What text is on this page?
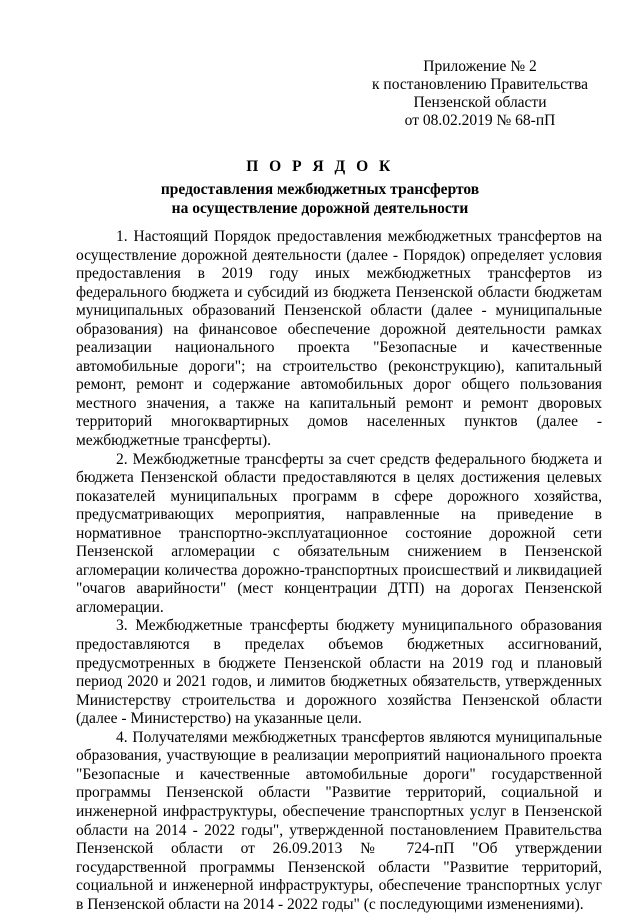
Приложение № 2
к постановлению Правительства
Пензенской области
от 08.02.2019 № 68-пП
П О Р Я Д О К
предоставления межбюджетных трансфертов
на осуществление дорожной деятельности

1. Настоящий Порядок предоставления межбюджетных трансфертов на осуществление дорожной деятельности (далее - Порядок) определяет условия предоставления в 2019 году иных межбюджетных трансфертов из федерального бюджета и субсидий из бюджета Пензенской области бюджетам муниципальных образований Пензенской области (далее - муниципальные образования) на финансовое обеспечение дорожной деятельности рамках реализации национального проекта "Безопасные и качественные автомобильные дороги"; на строительство (реконструкцию), капитальный ремонт, ремонт и содержание автомобильных дорог общего пользования местного значения, а также на капитальный ремонт и ремонт дворовых территорий многоквартирных домов населенных пунктов (далее - межбюджетные трансферты).

2. Межбюджетные трансферты за счет средств федерального бюджета и бюджета Пензенской области предоставляются в целях достижения целевых показателей муниципальных программ в сфере дорожного хозяйства, предусматривающих мероприятия, направленные на приведение в нормативное транспортно-эксплуатационное состояние дорожной сети Пензенской агломерации с обязательным снижением в Пензенской агломерации количества дорожно-транспортных происшествий и ликвидацией "очагов аварийности" (мест концентрации ДТП) на дорогах Пензенской агломерации.

3. Межбюджетные трансферты бюджету муниципального образования предоставляются в пределах объемов бюджетных ассигнований, предусмотренных в бюджете Пензенской области на 2019 год и плановый период 2020 и 2021 годов, и лимитов бюджетных обязательств, утвержденных Министерству строительства и дорожного хозяйства Пензенской области (далее - Министерство) на указанные цели.

4. Получателями межбюджетных трансфертов являются муниципальные образования, участвующие в реализации мероприятий национального проекта "Безопасные и качественные автомобильные дороги" государственной программы Пензенской области "Развитие территорий, социальной и инженерной инфраструктуры, обеспечение транспортных услуг в Пензенской области на 2014 - 2022 годы", утвержденной постановлением Правительства Пензенской области от 26.09.2013 № 724-пП "Об утверждении государственной программы Пензенской области "Развитие территорий, социальной и инженерной инфраструктуры, обеспечение транспортных услуг в Пензенской области на 2014 - 2022 годы" (с последующими изменениями).
